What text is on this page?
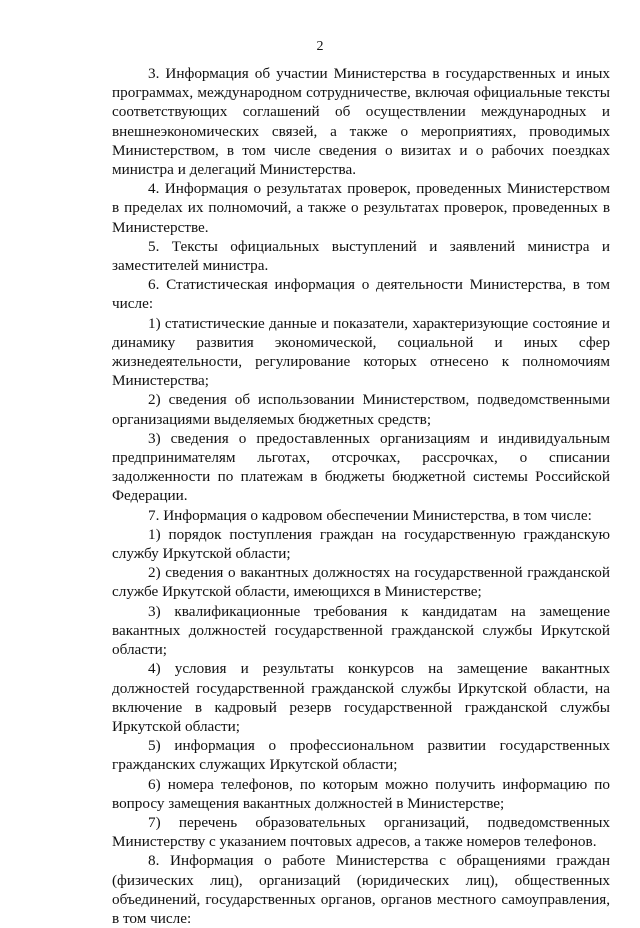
2

3. Информация об участии Министерства в государственных и иных программах, международном сотрудничестве, включая официальные тексты соответствующих соглашений об осуществлении международных и внешнеэкономических связей, а также о мероприятиях, проводимых Министерством, в том числе сведения о визитах и о рабочих поездках министра и делегаций Министерства.

4. Информация о результатах проверок, проведенных Министерством в пределах их полномочий, а также о результатах проверок, проведенных в Министерстве.

5. Тексты официальных выступлений и заявлений министра и заместителей министра.

6. Статистическая информация о деятельности Министерства, в том числе:

1) статистические данные и показатели, характеризующие состояние и динамику развития экономической, социальной и иных сфер жизнедеятельности, регулирование которых отнесено к полномочиям Министерства;

2) сведения об использовании Министерством, подведомственными организациями выделяемых бюджетных средств;

3) сведения о предоставленных организациям и индивидуальным предпринимателям льготах, отсрочках, рассрочках, о списании задолженности по платежам в бюджеты бюджетной системы Российской Федерации.

7. Информация о кадровом обеспечении Министерства, в том числе:

1) порядок поступления граждан на государственную гражданскую службу Иркутской области;

2) сведения о вакантных должностях на государственной гражданской службе Иркутской области, имеющихся в Министерстве;

3) квалификационные требования к кандидатам на замещение вакантных должностей государственной гражданской службы Иркутской области;

4) условия и результаты конкурсов на замещение вакантных должностей государственной гражданской службы Иркутской области, на включение в кадровый резерв государственной гражданской службы Иркутской области;

5) информация о профессиональном развитии государственных гражданских служащих Иркутской области;

6) номера телефонов, по которым можно получить информацию по вопросу замещения вакантных должностей в Министерстве;

7) перечень образовательных организаций, подведомственных Министерству с указанием почтовых адресов, а также номеров телефонов.

8. Информация о работе Министерства с обращениями граждан (физических лиц), организаций (юридических лиц), общественных объединений, государственных органов, органов местного самоуправления, в том числе:
